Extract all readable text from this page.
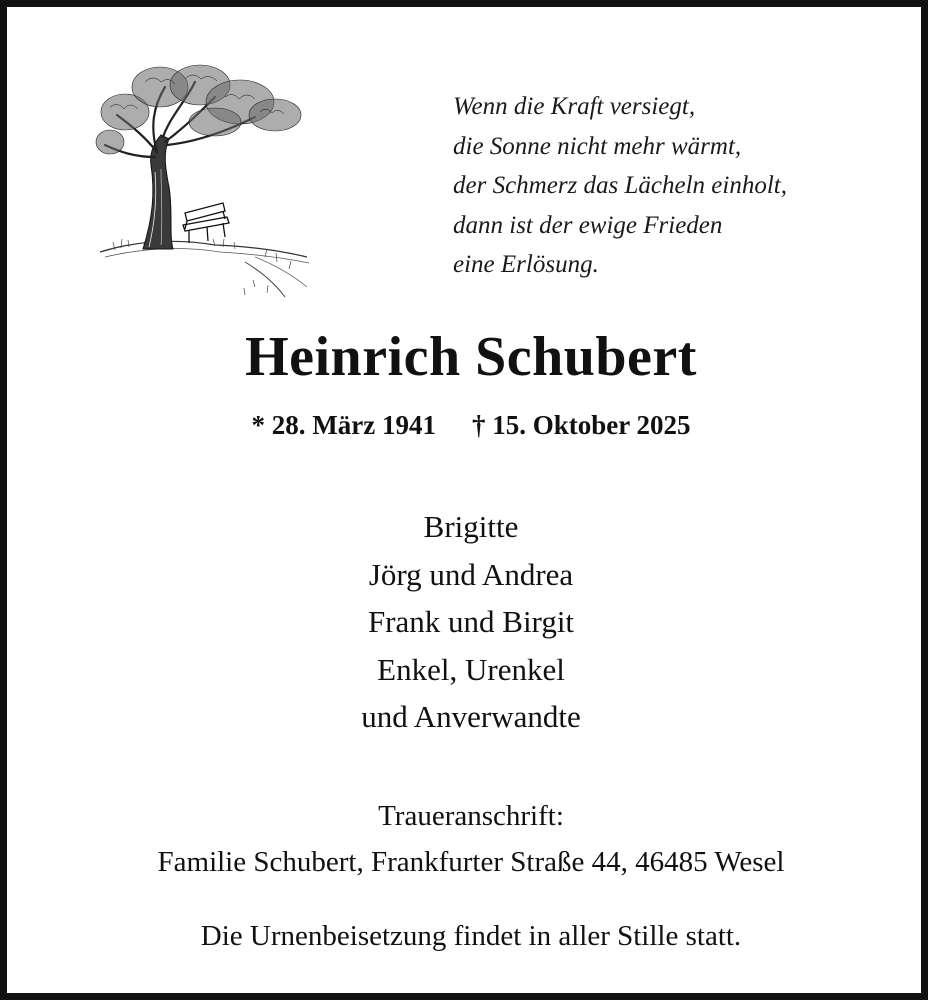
Wenn die Kraft versiegt,
die Sonne nicht mehr wärmt,
der Schmerz das Lächeln einholt,
dann ist der ewige Frieden
eine Erlösung.
Heinrich Schubert
* 28. März 1941 † 15. Oktober 2025
Brigitte
Jörg und Andrea
Frank und Birgit
Enkel, Urenkel
und Anverwandte
Traueranschrift:
Familie Schubert, Frankfurter Straße 44, 46485 Wesel
Die Urnenbeisetzung findet in aller Stille statt.
